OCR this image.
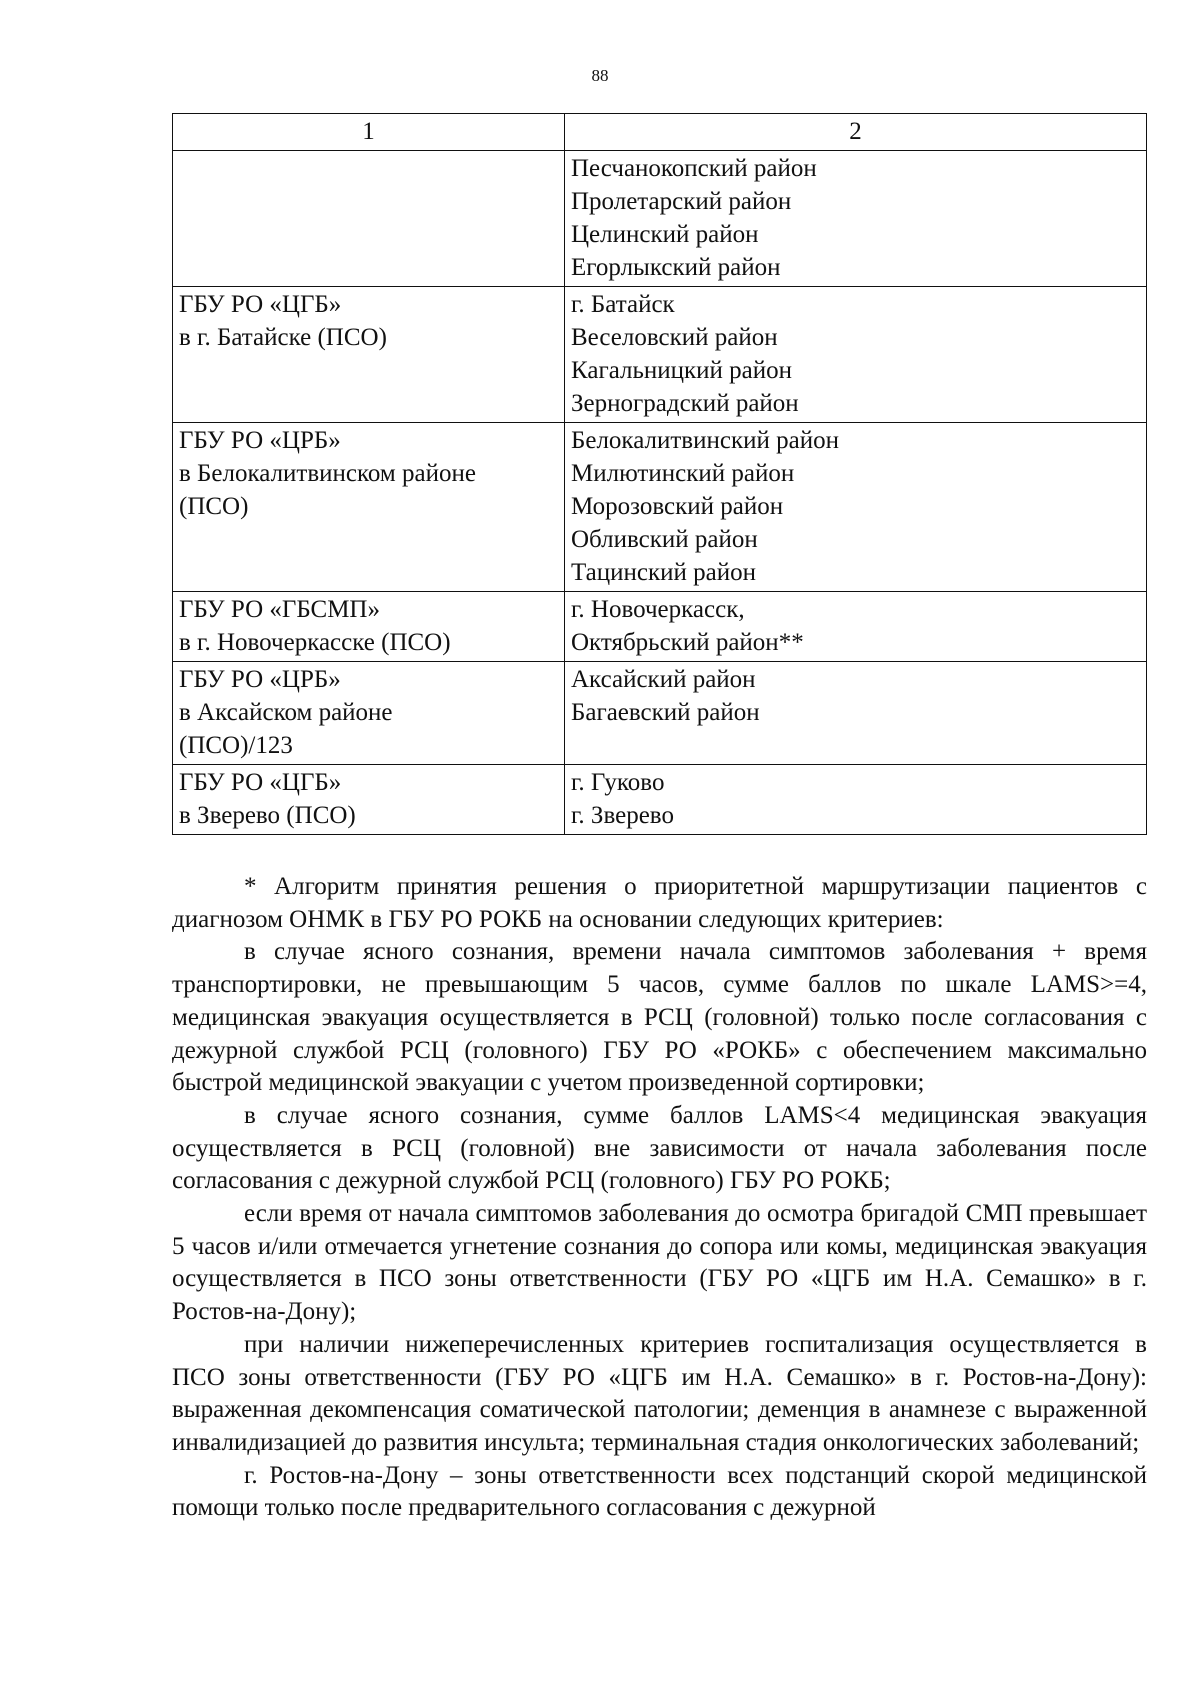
88
1	2

	Песчанокопский район
Пролетарский район
Целинский район
Егорлыкский район

ГБУ РО «ЦГБ»
в г. Батайске (ПСО)	г. Батайск
Веселовский район
Кагальницкий район
Зерноградский район

ГБУ РО «ЦРБ»
в Белокалитвинском районе
(ПСО)	Белокалитвинский район
Милютинский район
Морозовский район
Обливский район
Тацинский район

ГБУ РО «ГБСМП»
в г. Новочеркасске (ПСО)	г. Новочеркасск,
Октябрьский район**

ГБУ РО «ЦРБ»
в Аксайском районе
(ПСО)/123	Аксайский район
Багаевский район

ГБУ РО «ЦГБ»
в Зверево (ПСО)	г. Гуково
г. Зверево

* Алгоритм принятия решения о приоритетной маршрутизации пациентов с диагнозом ОНМК в ГБУ РО РОКБ на основании следующих критериев:

в случае ясного сознания, времени начала симптомов заболевания + время транспортировки, не превышающим 5 часов, сумме баллов по шкале LAMS>=4, медицинская эвакуация осуществляется в РСЦ (головной) только после согласования с дежурной службой РСЦ (головного) ГБУ РО «РОКБ» с обеспечением максимально быстрой медицинской эвакуации с учетом произведенной сортировки;

в случае ясного сознания, сумме баллов LAMS<4 медицинская эвакуация осуществляется в РСЦ (головной) вне зависимости от начала заболевания после согласования с дежурной службой РСЦ (головного) ГБУ РО РОКБ;

если время от начала симптомов заболевания до осмотра бригадой СМП превышает 5 часов и/или отмечается угнетение сознания до сопора или комы, медицинская эвакуация осуществляется в ПСО зоны ответственности (ГБУ РО «ЦГБ им Н.А. Семашко» в г. Ростов-на-Дону);

при наличии нижеперечисленных критериев госпитализация осуществляется в ПСО зоны ответственности (ГБУ РО «ЦГБ им Н.А. Семашко» в г. Ростов-на-Дону): выраженная декомпенсация соматической патологии; деменция в анамнезе с выраженной инвалидизацией до развития инсульта; терминальная стадия онкологических заболеваний;

г. Ростов-на-Дону – зоны ответственности всех подстанций скорой медицинской помощи только после предварительного согласования с дежурной
